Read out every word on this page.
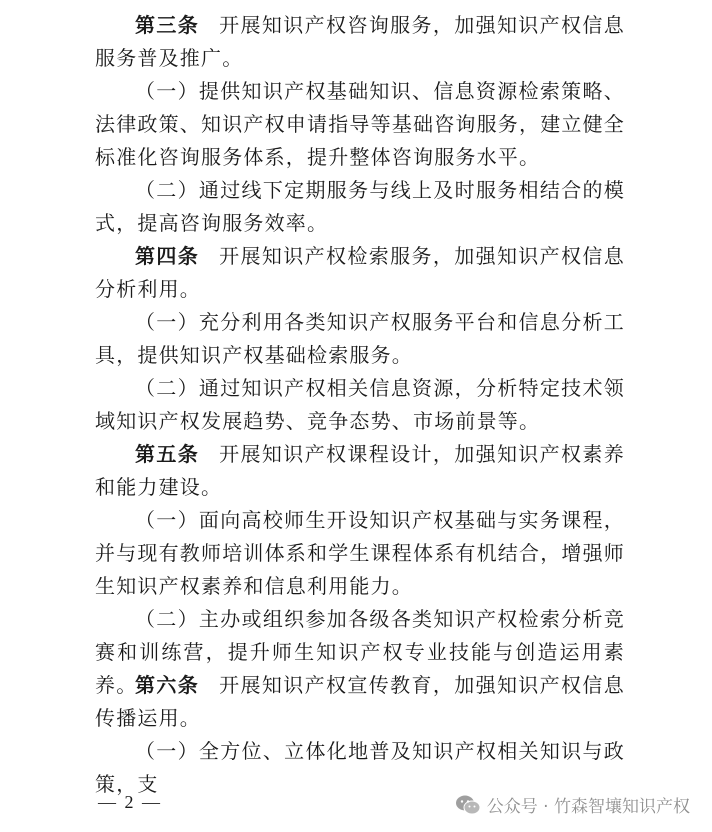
第三条 开展知识产权咨询服务，加强知识产权信息服务普及推广。

（一）提供知识产权基础知识、信息资源检索策略、法律政策、知识产权申请指导等基础咨询服务，建立健全标准化咨询服务体系，提升整体咨询服务水平。

（二）通过线下定期服务与线上及时服务相结合的模式，提高咨询服务效率。

第四条 开展知识产权检索服务，加强知识产权信息分析利用。

（一）充分利用各类知识产权服务平台和信息分析工具，提供知识产权基础检索服务。

（二）通过知识产权相关信息资源，分析特定技术领域知识产权发展趋势、竞争态势、市场前景等。

第五条 开展知识产权课程设计，加强知识产权素养和能力建设。

（一）面向高校师生开设知识产权基础与实务课程，并与现有教师培训体系和学生课程体系有机结合，增强师生知识产权素养和信息利用能力。

（二）主办或组织参加各级各类知识产权检索分析竞赛和训练营，提升师生知识产权专业技能与创造运用素养。

第六条 开展知识产权宣传教育，加强知识产权信息传播运用。

（一）全方位、立体化地普及知识产权相关知识与政策，支

— 2 —	公众号 · 竹森智壤知识产权
